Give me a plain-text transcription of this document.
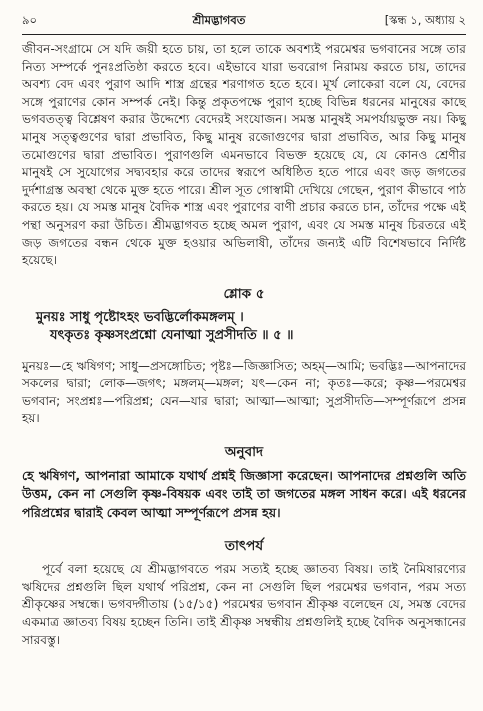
৯০	শ্রীমদ্ভাগবত	[স্কন্ধ ১, অধ্যায় ২

জীবন-সংগ্রামে সে যদি জয়ী হতে চায়, তা হলে তাকে অবশ্যই পরমেশ্বর ভগবানের সঙ্গে তার নিত্য সম্পর্কে পুনঃপ্রতিষ্ঠা করতে হবে। এইভাবে যারা ভবরোগ নিরাময় করতে চায়, তাদের অবশ্য বেদ এবং পুরাণ আদি শাস্ত্র গ্রন্থের শরণাগত হতে হবে। মূর্খ লোকেরা বলে যে, বেদের সঙ্গে পুরাণের কোন সম্পর্ক নেই। কিন্তু প্রকৃতপক্ষে পুরাণ হচ্ছে বিভিন্ন ধরনের মানুষের কাছে ভগবতত্ত্ব বিশ্লেষণ করার উদ্দেশ্যে বেদেরই সংযোজন। সমস্ত মানুষই সমপর্যায়ভুক্ত নয়। কিছু মানুষ সত্ত্বগুণের দ্বারা প্রভাবিত, কিছু মানুষ রজোগুণের দ্বারা প্রভাবিত, আর কিছু মানুষ তমোগুণের দ্বারা প্রভাবিত। পুরাণগুলি এমনভাবে বিভক্ত হয়েছে যে, যে কোনও শ্রেণীর মানুষই সে সুযোগের সদ্ব্যবহার করে তাদের স্বরূপে অধিষ্ঠিত হতে পারে এবং জড় জগতের দুর্দশাগ্রস্ত অবস্থা থেকে মুক্ত হতে পারে। শ্রীল সূত গোস্বামী দেখিয়ে গেছেন, পুরাণ কীভাবে পাঠ করতে হয়। যে সমস্ত মানুষ বৈদিক শাস্ত্র এবং পুরাণের বাণী প্রচার করতে চান, তাঁদের পক্ষে এই পন্থা অনুসরণ করা উচিত। শ্রীমদ্ভাগবত হচ্ছে অমল পুরাণ, এবং যে সমস্ত মানুষ চিরতরে এই জড় জগতের বন্ধন থেকে মুক্ত হওয়ার অভিলাষী, তাঁদের জন্যই এটি বিশেষভাবে নির্দিষ্ট হয়েছে।

শ্লোক ৫
মুনয়ঃ সাধু পৃষ্টোঽহং ভবদ্ভির্লোকমঙ্গলম্ ।
যৎকৃতঃ কৃষ্ণসংপ্রশ্নো যেনাত্মা সুপ্রসীদতি ॥ ৫ ॥

মুনয়ঃ—হে ঋষিগণ; সাধু—প্রসঙ্গোচিত; পৃষ্টঃ—জিজ্ঞাসিত; অহম্—আমি; ভবদ্ভিঃ—আপনাদের সকলের দ্বারা; লোক—জগৎ; মঙ্গলম্—মঙ্গল; যৎ—কেন না; কৃতঃ—করে; কৃষ্ণ—পরমেশ্বর ভগবান; সংপ্রশ্নঃ—পরিপ্রশ্ন; যেন—যার দ্বারা; আত্মা—আত্মা; সুপ্রসীদতি—সম্পূর্ণরূপে প্রসন্ন হয়।

অনুবাদ

হে ঋষিগণ, আপনারা আমাকে যথার্থ প্রশ্নই জিজ্ঞাসা করেছেন। আপনাদের প্রশ্নগুলি অতি উত্তম, কেন না সেগুলি কৃষ্ণ-বিষয়ক এবং তাই তা জগতের মঙ্গল সাধন করে। এই ধরনের পরিপ্রশ্নের দ্বারাই কেবল আত্মা সম্পূর্ণরূপে প্রসন্ন হয়।

তাৎপর্য

পূর্বে বলা হয়েছে যে শ্রীমদ্ভাগবতে পরম সত্যই হচ্ছে জ্ঞাতব্য বিষয়। তাই নৈমিষারণ্যের ঋষিদের প্রশ্নগুলি ছিল যথার্থ পরিপ্রশ্ন, কেন না সেগুলি ছিল পরমেশ্বর ভগবান, পরম সত্য শ্রীকৃষ্ণের সম্বন্ধে। ভগবদ্গীতায় (১৫/১৫) পরমেশ্বর ভগবান শ্রীকৃষ্ণ বলেছেন যে, সমস্ত বেদের একমাত্র জ্ঞাতব্য বিষয় হচ্ছেন তিনি। তাই শ্রীকৃষ্ণ সম্বন্ধীয় প্রশ্নগুলিই হচ্ছে বৈদিক অনুসন্ধানের সারবস্তু।
